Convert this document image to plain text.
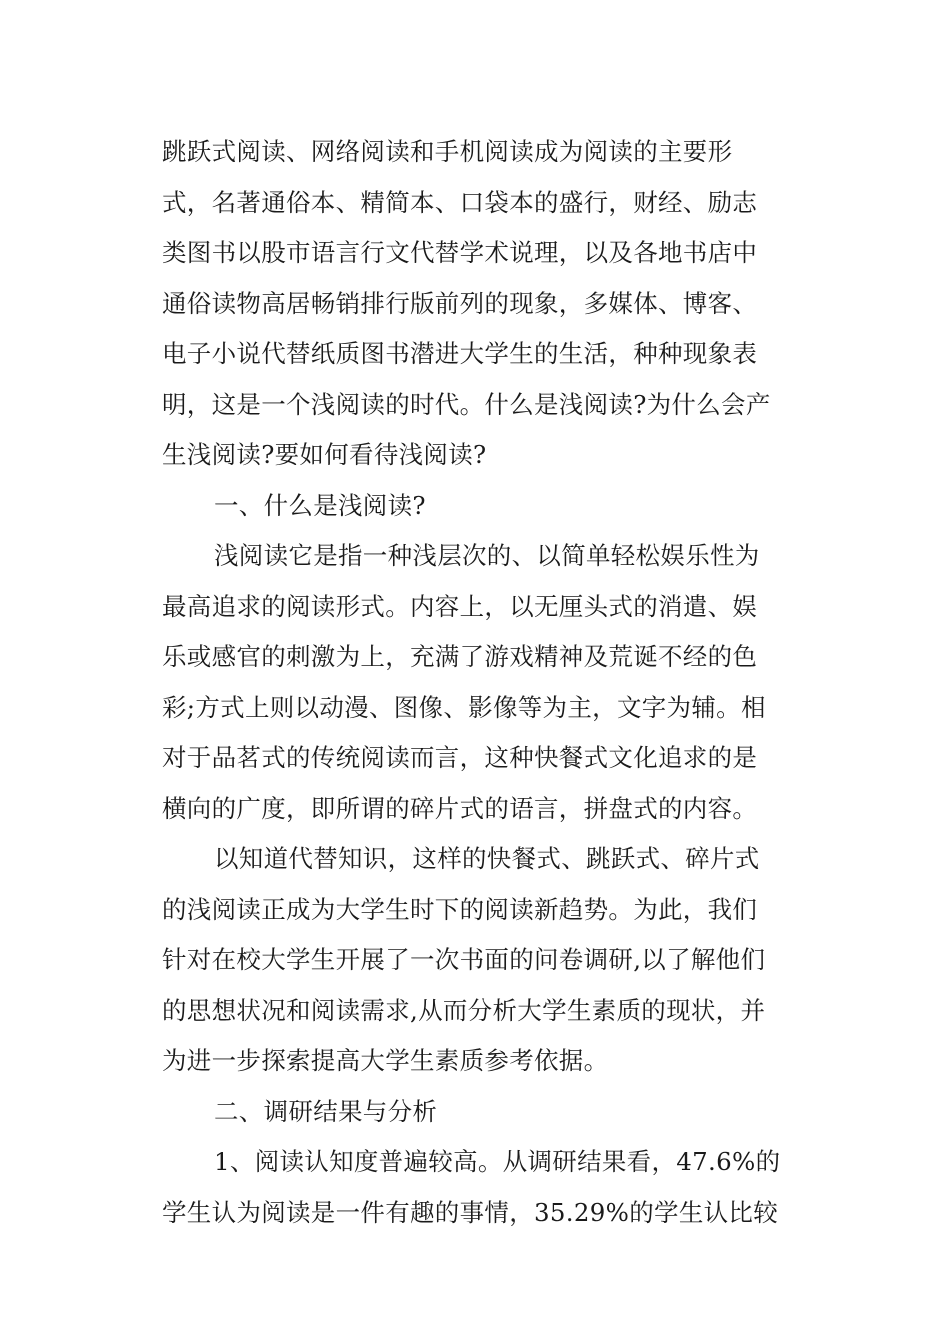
跳跃式阅读、网络阅读和手机阅读成为阅读的主要形
式，名著通俗本、精简本、口袋本的盛行，财经、励志
类图书以股市语言行文代替学术说理，以及各地书店中
通俗读物高居畅销排行版前列的现象，多媒体、博客、
电子小说代替纸质图书潜进大学生的生活，种种现象表
明，这是一个浅阅读的时代。什么是浅阅读?为什么会产
生浅阅读?要如何看待浅阅读?
一、什么是浅阅读?
浅阅读它是指一种浅层次的、以简单轻松娱乐性为
最高追求的阅读形式。内容上，以无厘头式的消遣、娱
乐或感官的刺激为上，充满了游戏精神及荒诞不经的色
彩;方式上则以动漫、图像、影像等为主，文字为辅。相
对于品茗式的传统阅读而言，这种快餐式文化追求的是
横向的广度，即所谓的碎片式的语言，拼盘式的内容。
以知道代替知识，这样的快餐式、跳跃式、碎片式
的浅阅读正成为大学生时下的阅读新趋势。为此，我们
针对在校大学生开展了一次书面的问卷调研,以了解他们
的思想状况和阅读需求,从而分析大学生素质的现状，并
为进一步探索提高大学生素质参考依据。
二、调研结果与分析
1、阅读认知度普遍较高。从调研结果看，47.6%的
学生认为阅读是一件有趣的事情，35.29%的学生认比较
